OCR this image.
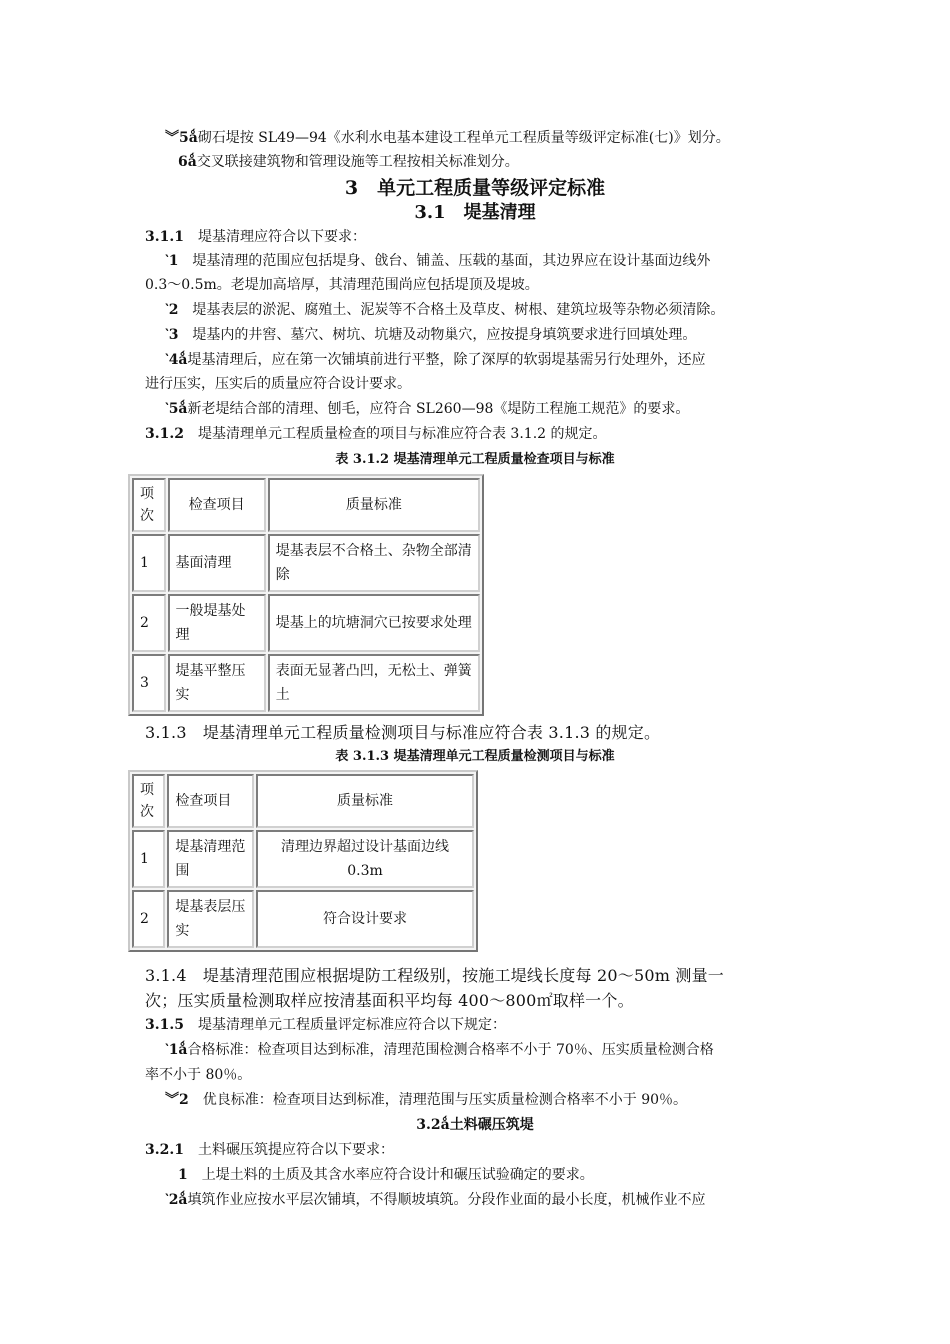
︾5ǻ砌石堤按 SL49—94《水利水电基本建设工程单元工程质量等级评定标准(七)》划分。
6ǻ交叉联接建筑物和管理设施等工程按相关标准划分。
3　单元工程质量等级评定标准
3.1　堤基清理
3.1.1　堤基清理应符合以下要求：
‵1　堤基清理的范围应包括堤身、戗台、铺盖、压载的基面，其边界应在设计基面边线外
0.3～0.5m。老堤加高培厚，其清理范围尚应包括堤顶及堤坡。
‵2　堤基表层的淤泥、腐殖土、泥炭等不合格土及草皮、树根、建筑垃圾等杂物必须清除。
‵3　堤基内的井窖、墓穴、树坑、坑塘及动物巢穴，应按提身填筑要求进行回填处理。
‵4ǻ堤基清理后，应在第一次铺填前进行平整，除了深厚的软弱堤基需另行处理外，还应
进行压实，压实后的质量应符合设计要求。
‵5ǻ新老堤结合部的清理、刨毛，应符合 SL260—98《堤防工程施工规范》的要求。
3.1.2　堤基清理单元工程质量检查的项目与标准应符合表 3.1.2 的规定。
表 3.1.2 堤基清理单元工程质量检查项目与标准
项次	检查项目	质量标准
1	基面清理	堤基表层不合格土、杂物全部清除
2	一般堤基处理	堤基上的坑塘洞穴已按要求处理
3	堤基平整压实	表面无显著凸凹，无松土、弹簧土
3.1.3　堤基清理单元工程质量检测项目与标准应符合表 3.1.3 的规定。
表 3.1.3 堤基清理单元工程质量检测项目与标准
项次	检查项目	质量标准
1	堤基清理范围	清理边界超过设计基面边线 0.3m
2	堤基表层压实	符合设计要求
3.1.4　堤基清理范围应根据堤防工程级别，按施工堤线长度每 20～50m 测量一
次；压实质量检测取样应按清基面积平均每 400～800㎡取样一个。
3.1.5　堤基清理单元工程质量评定标准应符合以下规定：
‵1ǻ合格标准：检查项目达到标准，清理范围检测合格率不小于 70％、压实质量检测合格
率不小于 80％。
︾2　优良标准：检查项目达到标准，清理范围与压实质量检测合格率不小于 90％。
3.2ǻ土料碾压筑堤
3.2.1　土料碾压筑提应符合以下要求：
1　上堤土料的土质及其含水率应符合设计和碾压试验确定的要求。
‵2ǻ填筑作业应按水平层次铺填，不得顺坡填筑。分段作业面的最小长度，机械作业不应
